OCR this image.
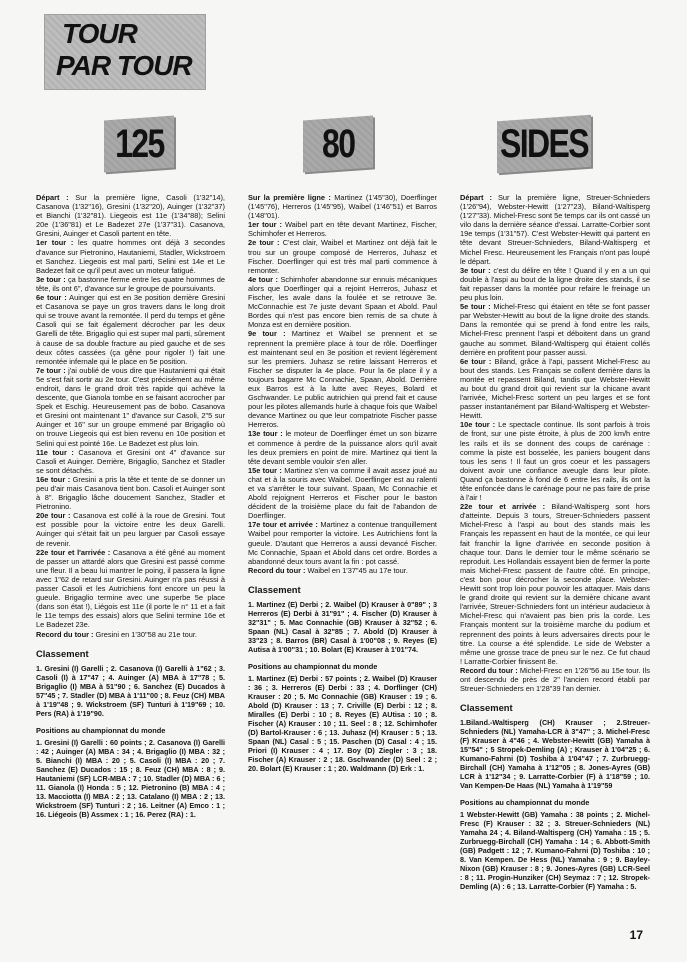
TOUR
PAR TOUR
125	80	SIDES

Départ : Sur la première ligne, Casoli (1'32"14), Casanova (1'32"16), Gresini (1'32"20), Auinger (1'32"37) et Bianchi (1'32"81). Liegeois est 11e (1'34"88); Selini 20e (1'36"81) et Le Badezet 27e (1'37"31). Casanova, Gresini, Auinger et Casoli partent en tête.

1er tour : les quatre hommes ont déjà 3 secondes d'avance sur Pietronino, Hautaniemi, Stadler, Wickstroem et Sanchez. Liegeois est mal parti, Selini est 14e et Le Badezet fait ce qu'il peut avec un moteur fatigué.

3e tour : ça bastonne ferme entre les quatre hommes de tête, ils ont 6", d'avance sur le groupe de poursuivants.

6e tour : Auinger qui est en 3e position derrière Gresini et Casanova se paye un gros travers dans le long droit qui se trouve avant la remontée. Il perd du temps et gêne Casoli qui se fait également décrocher par les deux Garelli de tête. Brigaglio qui est super mal parti, sûrement à cause de sa double fracture au pied gauche et de ses deux côtes cassées (ça gêne pour rigoler !) fait une remontée infernale qui le place en 5e position.

7e tour : j'ai oublié de vous dire que Hautaniemi qui était 5e s'est fait sortir au 2e tour. C'est précisément au même endroit, dans le grand droit très rapide qui achève la descente, que Gianola tombe en se faisant accrocher par Spek et Eschig. Heureusement pas de bobo. Casanova et Gresini ont maintenant 1" d'avance sur Casoli, 2"5 sur Auinger et 16" sur un groupe emmené par Brigaglio où on trouve Liegeois qui est bien revenu en 10e position et Selini qui est pointé 16e. Le Badezet est plus loin.

11e tour : Casanova et Gresini ont 4" d'avance sur Casoli et Auinger. Derrière, Brigaglio, Sanchez et Stadler se sont détachés.

16e tour : Gresini a pris la tête et tente de se donner un peu d'air mais Casanova tient bon. Casoli et Auinger sont à 8". Brigaglio lâche doucement Sanchez, Stadler et Pietronino.

20e tour : Casanova est collé à la roue de Gresini. Tout est possible pour la victoire entre les deux Garelli. Auinger qui s'était fait un peu larguer par Casoli essaye de revenir.

22e tour et l'arrivée : Casanova a été gêné au moment de passer un attardé alors que Gresini est passé comme une fleur. Il a beau lui mantrer le poing, il passera la ligne avec 1"62 de retard sur Gresini. Auinger n'a pas réussi à passer Casoli et les Autrichiens font encore un peu la gueule. Brigaglio termine avec une superbe 5e place (dans son état !), Liégois est 11e (il porte le n° 11 et a fait le 11e temps des essais) alors que Selini termine 16e et Le Badezet 23e.

Record du tour : Gresini en 1'30"58 au 21e tour.

Classement

1. Gresini (I) Garelli ; 2. Casanova (I) Garelli à 1"62 ; 3. Casoli (I) à 17"47 ; 4. Auinger (A) MBA à 17"78 ; 5. Brigaglio (I) MBA à 51"90 ; 6. Sanchez (E) Ducados à 57"45 ; 7. Stadler (D) MBA à 1'11"00 ; 8. Feuz (CH) MBA à 1'19"48 ; 9. Wickstroem (SF) Tunturi à 1'19"69 ; 10. Pers (RA) à 1'19"90.

Positions au championnat du monde

1. Gresini (I) Garelli : 60 points ; 2. Casanova (I) Garelli : 42 ; Auinger (A) MBA : 34 ; 4. Brigaglio (I) MBA : 32 ; 5. Bianchi (I) MBA : 20 ; 5. Casoli (I) MBA : 20 ; 7. Sanchez (E) Ducados : 15 ; 8. Feuz (CH) MBA : 8 ; 9. Hautaniemi (SF) LCR-MBA : 7 ; 10. Stadler (D) MBA : 6 ; 11. Gianola (I) Honda : 5 ; 12. Pietronino (B) MBA : 4 ; 13. Macciotta (I) MBA : 2 ; 13. Catalano (I) MBA : 2 ; 13. Wickstroem (SF) Tunturi : 2 ; 16. Leitner (A) Emco : 1 ; 16. Liégeois (B) Assmex : 1 ; 16. Perez (RA) : 1.

Sur la première ligne : Martinez (1'45"30), Doerflinger (1'45"76), Herreros (1'45"95), Waibel (1'46"51) et Barros (1'48"01).

1er tour : Waibel part en tête devant Martinez, Fischer, Schirnhofer et Herreros.

2e tour : C'est clair, Waibel et Martinez ont déjà fait le trou sur un groupe composé de Herreros, Juhasz et Fischer. Doerflinger qui est très mal parti commence à remonter.

4e tour : Schirnhofer abandonne sur ennuis mécaniques alors que Doerflinger qui a rejoint Herreros, Juhasz et Fischer, les avale dans la foulée et se retrouve 3e. McConnachie est 7e juste devant Spaan et Abold. Paul Bordes qui n'est pas encore bien remis de sa chute à Monza est en dernière position.

9e tour : Martinez et Waibel se prennent et se reprennent la première place à tour de rôle. Doerflinger est maintenant seul en 3e position et revient légèrement sur les premiers. Juhasz se retire laissant Herreros et Fischer se disputer la 4e place. Pour la 6e place il y a toujours bagarre Mc Connachie, Spaan, Abold. Derrière eux Barros est à la lutte avec Reyes, Bolard et Gschwander. Le public autrichien qui prend fait et cause pour les pilotes allemands hurle à chaque fois que Waibel devance Martinez ou que leur compatriote Fischer passe Herreros.

13e tour : le moteur de Doerflinger émet un son bizarre et commence à perdre de la puissance alors qu'il avait les deux premiers en point de mire. Martinez qui tient la tête devant semble vouloir s'en aller.

15e tour : Martinez s'en va comme il avait assez joué au chat et à la souris avec Waibel. Doerflinger est au ralenti et va s'arrêter le tour suivant. Spaan, Mc Connachie et Abold rejoignent Herreros et Fischer pour le baston décident de la troisième place du fait de l'abandon de Doerflinger.

17e tour et arrivée : Martinez a contenue tranquillement Waibel pour remporter la victoire. Les Autrichiens font la gueule. D'autant que Herreros a aussi devancé Fischer. Mc Connachie, Spaan et Abold dans cet ordre. Bordes a abandonné deux tours avant la fin : pot cassé.

Record du tour : Waibel en 1'37"45 au 17e tour.

Classement

1. Martinez (E) Derbi ; 2. Waibel (D) Krauser à 0"89" ; 3 Herreros (E) Derbi à 31"91" ; 4. Fischer (D) Krauser à 32"31" ; 5. Mac Connachie (GB) Krauser à 32"52 ; 6. Spaan (NL) Casal à 32"85 ; 7. Abold (D) Krauser à 33"23 ; 8. Barros (BR) Casal à 1'00"08 ; 9. Reyes (E) Autisa à 1'00"31 ; 10. Bolart (E) Krauser à 1'01"74.

Positions au championnat du monde

1. Martinez (E) Derbi : 57 points ; 2. Waibel (D) Krauser : 36 ; 3. Herreros (E) Derbi : 33 ; 4. Dorflinger (CH) Krauser : 20 ; 5. Mc Connachie (GB) Krauser : 19 ; 6. Abold (D) Krauser : 13 ; 7. Criville (E) Derbi : 12 ; 8. Miralles (E) Derbi : 10 ; 8. Reyes (E) AUtisa : 10 ; 8. Fischer (A) Krauser : 10 ; 11. Seel : 8 ; 12. Schirnhofer (D) Bartol-Krauser : 6 ; 13. Juhasz (H) Krauser : 5 ; 13. Spaan (NL) Casal : 5 ; 15. Paschen (D) Casal : 4 ; 15. Priori (I) Krauser : 4 ; 17. Boy (D) Ziegler : 3 ; 18. Fischer (A) Krauser : 2 ; 18. Gschwander (D) Seel : 2 ; 20. Bolart (E) Krauser : 1 ; 20. Waldmann (D) Erk : 1.

Départ : Sur la première ligne, Streuer-Schnieders (1'26"94), Webster-Hewitt (1'27"23), Biland-Waltisperg (1'27"33). Michel-Fresc sont 5e temps car ils ont cassé un vilo dans la dernière séance d'essai. Larratte-Corbier sont 19e temps (1'31"57). C'est Webster-Hewitt qui partent en tête devant Streuer-Schnieders, Biland-Waltisperg et Michel Fresc. Heureusement les Français n'ont pas loupé le départ.

3e tour : c'est du délire en tête ! Quand il y en a un qui double à l'aspi au bout de la ligne droite des stands, il se fait repasser dans la montée pour refaire le freinage un peu plus loin.

5e tour : Michel-Fresc qui étaient en tête se font passer par Webster-Hewitt au bout de la ligne droite des stands. Dans la remontée qui se prend à fond entre les rails, Michel-Fresc prennent l'aspi et déboitent dans un grand gauche au sommet. Biland-Waltisperg qui étaient collés derrière en profitent pour passer aussi.

6e tour : Biland, grâce à l'api, passent Michel-Fresc au bout des stands. Les Français se collent derrière dans la montée et repassent Biland, tandis que Webster-Hewitt au bout du grand droit qui revient sur la chicane avant l'arrivée, Michel-Fresc sortent un peu larges et se font passer instantanément par Biland-Waltisperg et Webster-Hewitt.

10e tour : Le spectacle continue. Ils sont parfois à trois de front, sur une piste étroite, à plus de 200 km/h entre les rails et ils se donnent des coups de carénage : comme la piste est bosselée, les paniers bougent dans tous les sens ! Il faut un gros coeur et les passagers doivent avoir une confiance aveugle dans leur pilote. Quand ça bastonne à fond de 6 entre les rails, ils ont la tête enfoncée dans le carénage pour ne pas faire de prise à l'air !

22e tour et arrivée : Biland-Waltisperg sont hors d'atteinte. Depuis 3 tours, Streuer-Schnieders passent Michel-Fresc à l'aspi au bout des stands mais les Français les repassent en haut de la montée, ce qui leur fait franchir la ligne d'arrivée en seconde position à chaque tour. Dans le dernier tour le même scénario se reproduit. Les Hollandais essayent bien de fermer la porte mais Michel-Fresc passent de l'autre côté. En principe, c'est bon pour décrocher la seconde place. Webster-Hewitt sont trop loin pour pouvoir les attaquer. Mais dans le grand droite qui revient sur la dernière chicane avant l'arrivée, Streuer-Schnieders font un intérieur audacieux à Michel-Fresc qui n'avaient pas bien pris la corde. Les Français montent sur la troisième marche du podium et reprennent des points à leurs adversaires directs pour le titre. La course a été splendide. Le side de Webster a même une grosse trace de pneu sur le nez. Ce fut chaud ! Larratte-Corbier finissent 8e.

Record du tour : Michel-Fresc en 1'26"56 au 15e tour. Ils ont descendu de près de 2" l'ancien record établi par Streuer-Schnieders en 1'28"39 l'an dernier.

Classement

1.Biland.-Waltisperg (CH) Krauser ; 2.Streuer-Schnieders (NL) Yamaha-LCR à 3"47" ; 3. Michel-Fresc (F) Krauser à 4"46 ; 4. Webster-Hewitt (GB) Yamaha à 15"54" ; 5 Stropek-Demling (A) ; Krauser à 1'04"25 ; 6. Kumano-Fahrni (D) Toshiba à 1'04"47 ; 7. Zurbruegg-Birchall (CH) Yamaha à 1'12"05 ; 8. Jones-Ayres (GB) LCR à 1'12"34 ; 9. Larratte-Corbier (F) à 1'18"59 ; 10. Van Kempen-De Haas (NL) Yamaha à 1'19"59

Positions au championnat du monde

1 Webster-Hewitt (GB) Yamaha : 38 points ; 2. Michel-Fresc (F) Krauser : 32 ; 3. Streuer-Schnieders (NL) Yamaha 24 ; 4. Biland-Waltisperg (CH) Yamaha : 15 ; 5. Zurbruegg-Birchall (CH) Yamaha : 14 ; 6. Abbott-Smith (GB) Padgett : 12 ; 7. Kumano-Fahrni (D) Toshiba : 10 ; 8. Van Kempen. De Hess (NL) Yamaha : 9 ; 9. Bayley-Nixon (GB) Krauser : 8 ; 9. Jones-Ayres (GB) LCR-Seel : 8 ; 11. Progin-Hunziker (CH) Seymaz : 7 ; 12. Stropek-Demling (A) : 6 ; 13. Larratte-Corbier (F) Yamaha : 5.

17
